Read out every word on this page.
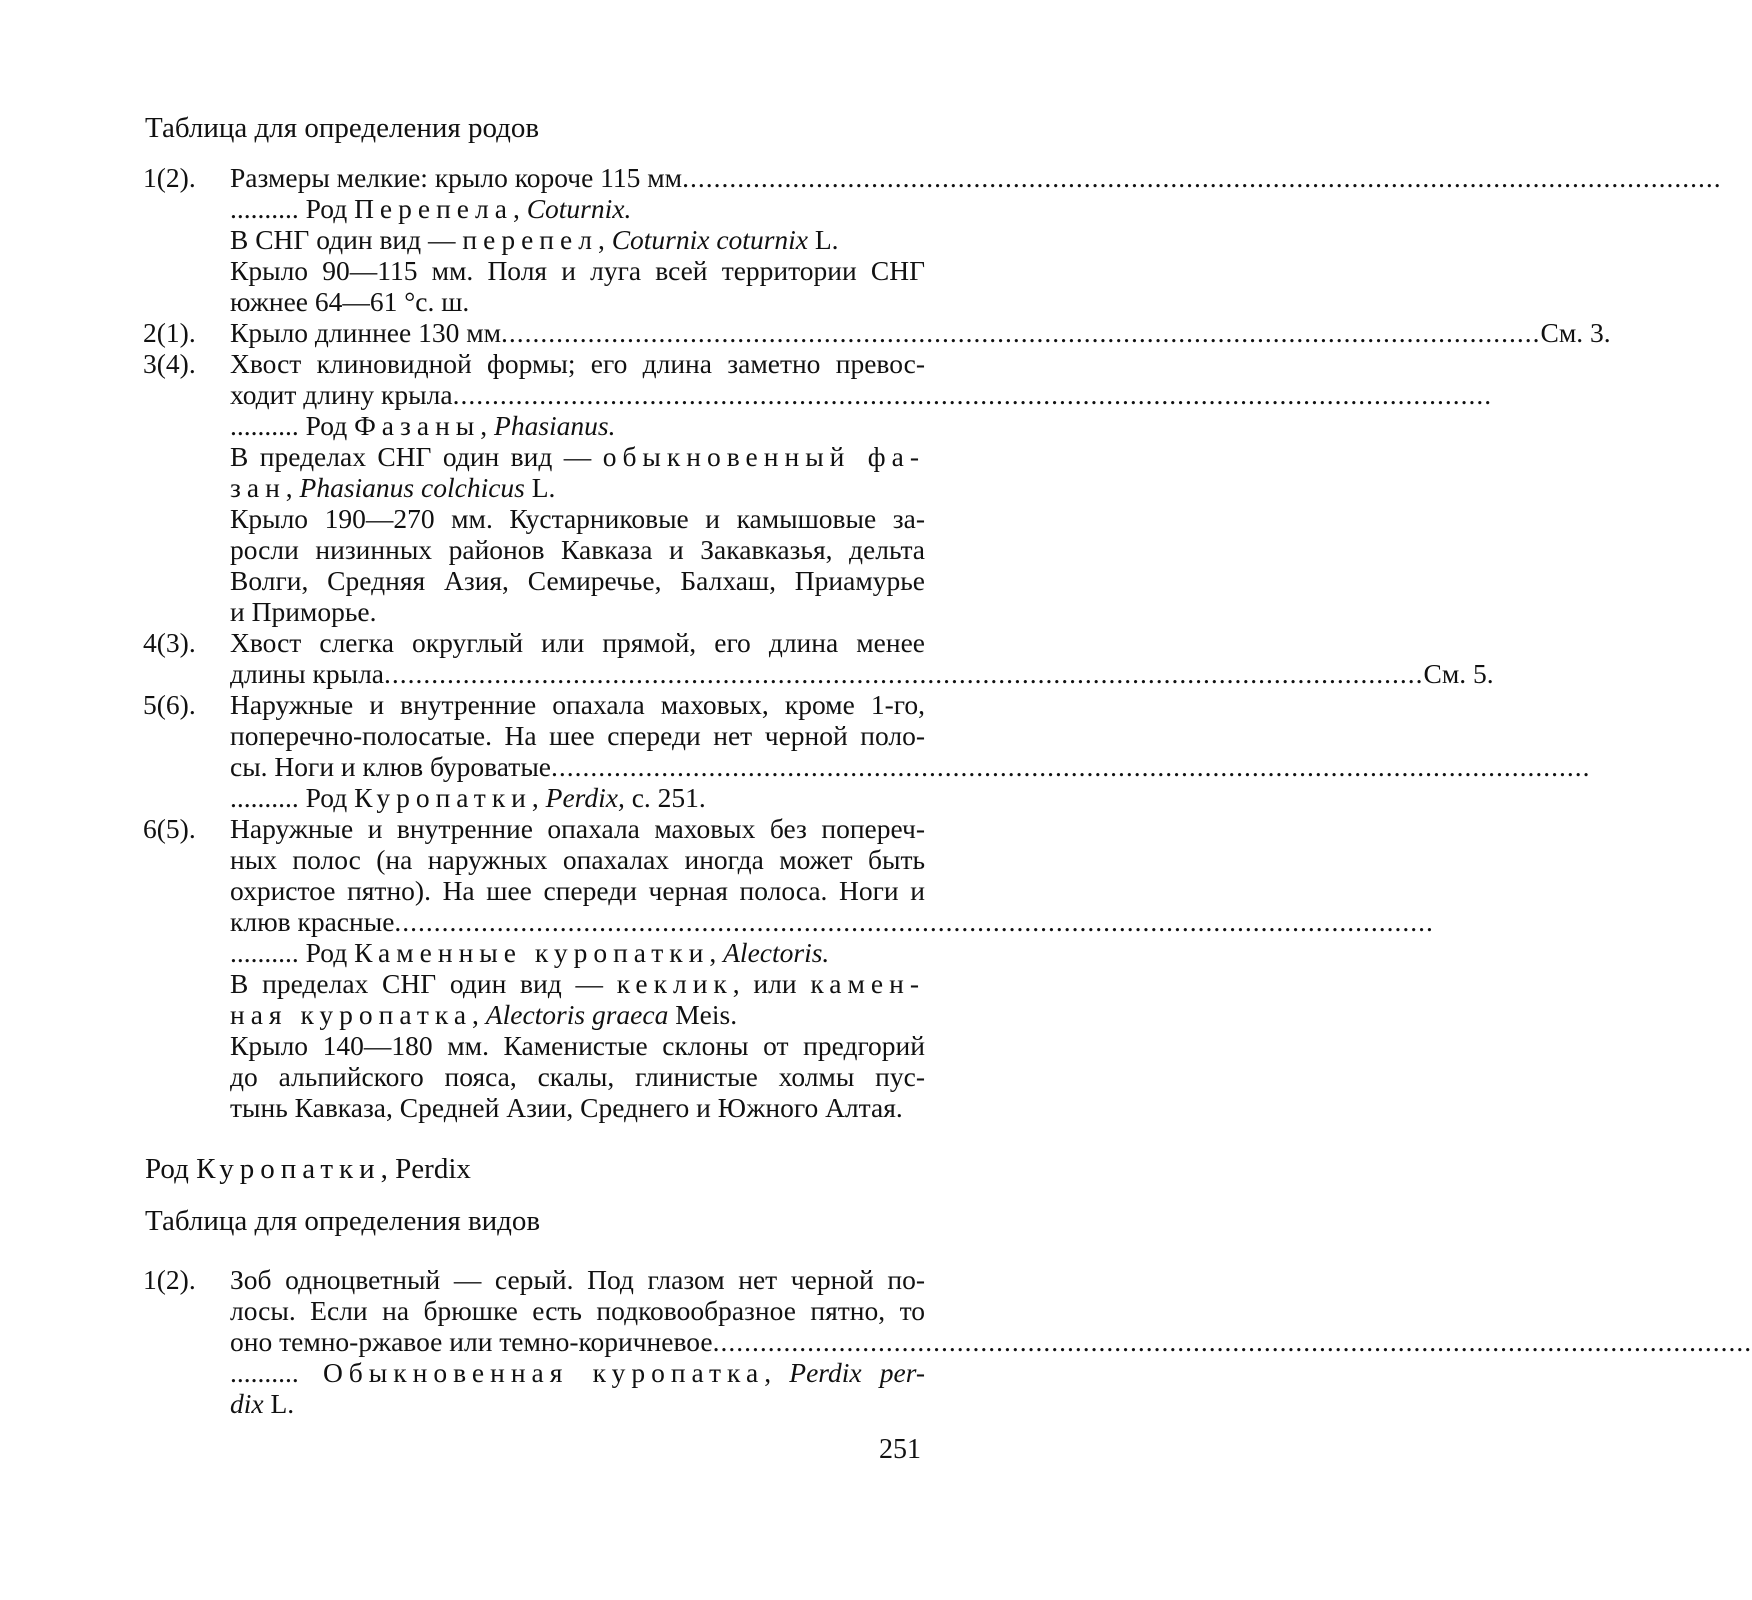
Таблица для определения родов
1(2). Размеры мелкие: крыло короче 115 мм ....................................................................................................................................
.......... Род Перепела, Coturnix.
В СНГ один вид — перепел, Coturnix coturnix L.
Крыло 90—115 мм. Поля и луга всей территории СНГ
южнее 64—61 °с. ш.
2(1). Крыло длиннее 130 мм .................................................................................................................................... См. 3.
3(4). Хвост клиновидной формы; его длина заметно превос-
ходит длину крыла ....................................................................................................................................
.......... Род Фазаны, Phasianus.
В пределах СНГ один вид — обыкновенный фа-
зан, Phasianus colchicus L.
Крыло 190—270 мм. Кустарниковые и камышовые за-
росли низинных районов Кавказа и Закавказья, дельта
Волги, Средняя Азия, Семиречье, Балхаш, Приамурье
и Приморье.
4(3). Хвост слегка округлый или прямой, его длина менее
длины крыла .................................................................................................................................... См. 5.
5(6). Наружные и внутренние опахала маховых, кроме 1-го,
поперечно-полосатые. На шее спереди нет черной поло-
сы. Ноги и клюв буроватые ....................................................................................................................................
.......... Род Куропатки, Perdix, с. 251.
6(5). Наружные и внутренние опахала маховых без попереч-
ных полос (на наружных опахалах иногда может быть
охристое пятно). На шее спереди черная полоса. Ноги и
клюв красные ....................................................................................................................................
.......... Род Каменные куропатки, Alectoris.
В пределах СНГ один вид — кеклик, или камен-
ная куропатка, Alectoris graeca Meis.
Крыло 140—180 мм. Каменистые склоны от предгорий
до альпийского пояса, скалы, глинистые холмы пус-
тынь Кавказа, Средней Азии, Среднего и Южного Алтая.
Род Куропатки, Perdix
Таблица для определения видов
1(2). Зоб одноцветный — серый. Под глазом нет черной по-
лосы. Если на брюшке есть подковообразное пятно, то
оно темно-ржавое или темно-коричневое ....................................................................................................................................
.......... Обыкновенная куропатка, Perdix per-
dix L.
251
